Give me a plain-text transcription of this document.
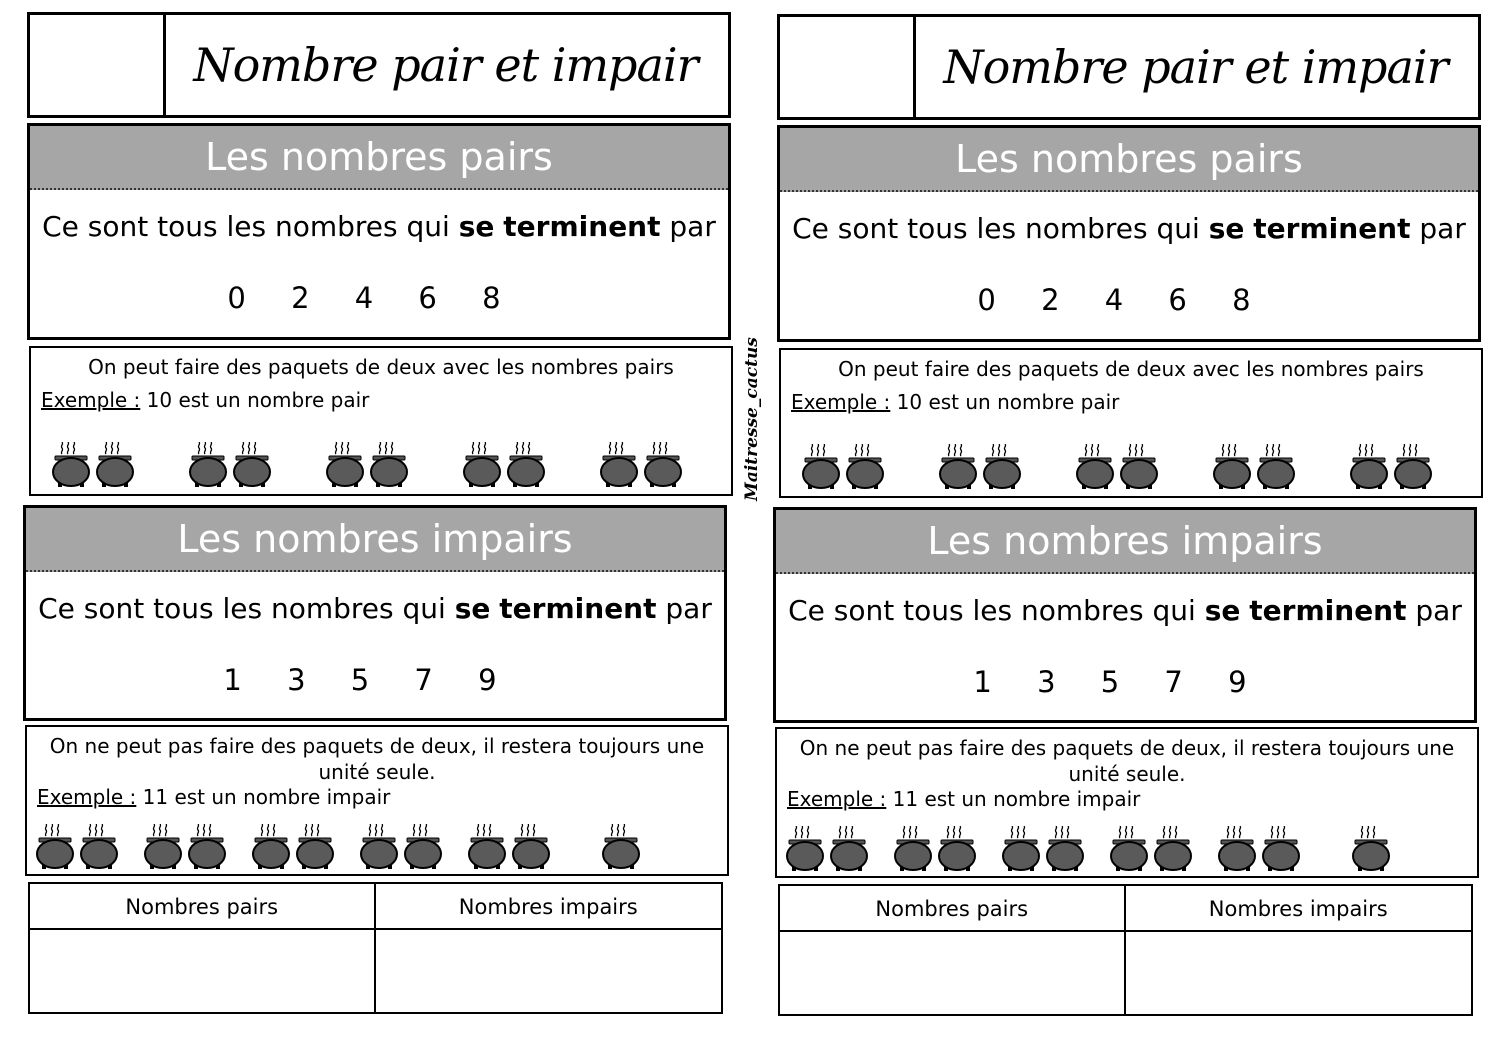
Nombre pair et impair
Les nombres pairs
Ce sont tous les nombres qui se terminent par
0 2 4 6 8
On peut faire des paquets de deux avec les nombres pairs
Exemple : 10 est un nombre pair
Les nombres impairs
Ce sont tous les nombres qui se terminent par
1 3 5 7 9
On ne peut pas faire des paquets de deux, il restera toujours une unité seule.
Exemple : 11 est un nombre impair
Nombres pairs	Nombres impairs
Maitresse_cactus
Nombre pair et impair
Les nombres pairs
Ce sont tous les nombres qui se terminent par
0 2 4 6 8
On peut faire des paquets de deux avec les nombres pairs
Exemple : 10 est un nombre pair
Les nombres impairs
Ce sont tous les nombres qui se terminent par
1 3 5 7 9
On ne peut pas faire des paquets de deux, il restera toujours une unité seule.
Exemple : 11 est un nombre impair
Nombres pairs	Nombres impairs
